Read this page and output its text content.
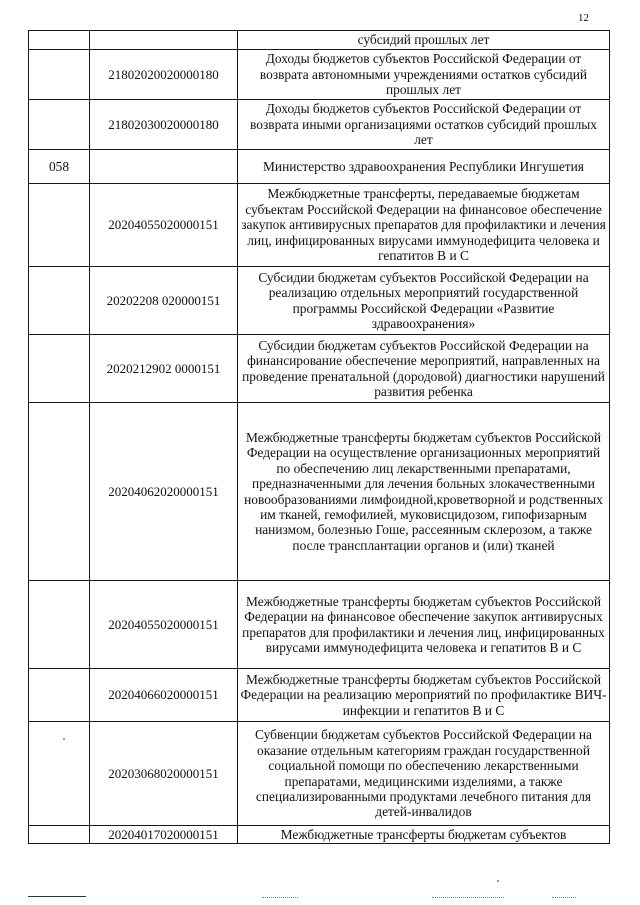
12
		субсидий прошлых лет
	21802020020000180	Доходы бюджетов субъектов Российской Федерации от возврата автономными учреждениями остатков субсидий прошлых лет
	21802030020000180	Доходы бюджетов субъектов Российской Федерации от возврата иными организациями остатков субсидий прошлых лет
058		Министерство здравоохранения Республики Ингушетия
	20204055020000151	Межбюджетные трансферты, передаваемые бюджетам субъектам Российской Федерации на финансовое обеспечение закупок антивирусных препаратов для профилактики и лечения лиц, инфицированных вирусами иммунодефицита человека и гепатитов В и С
	20202208 020000151	Субсидии бюджетам субъектов Российской Федерации на реализацию отдельных мероприятий государственной программы Российской Федерации «Развитие здравоохранения»
	2020212902 0000151	Субсидии бюджетам субъектов Российской Федерации на финансирование обеспечение мероприятий, направленных на проведение пренатальной (дородовой) диагностики нарушений развития ребенка
	20204062020000151	Межбюджетные трансферты бюджетам субъектов Российской Федерации на осуществление организационных мероприятий по обеспечению лиц лекарственными препаратами, предназначенными для лечения больных злокачественными новообразованиями лимфоидной,кроветворной и родственных им тканей, гемофилией, муковисцидозом, гипофизарным нанизмом, болезнью Гоше, рассеянным склерозом, а также после трансплантации органов и (или) тканей
	20204055020000151	Межбюджетные трансферты бюджетам субъектов Российской Федерации на финансовое обеспечение закупок антивирусных препаратов для профилактики и лечения лиц, инфицированных вирусами иммунодефицита человека и гепатитов В и С
	20204066020000151	Межбюджетные трансферты бюджетам субъектов Российской Федерации на реализацию мероприятий по профилактике ВИЧ-инфекции и гепатитов В и С
	20203068020000151	Субвенции бюджетам субъектов Российской Федерации на оказание отдельным категориям граждан государственной социальной помощи по обеспечению лекарственными препаратами, медицинскими изделиями, а также специализированными продуктами лечебного питания для детей-инвалидов
	20204017020000151	Межбюджетные трансферты бюджетам субъектов
